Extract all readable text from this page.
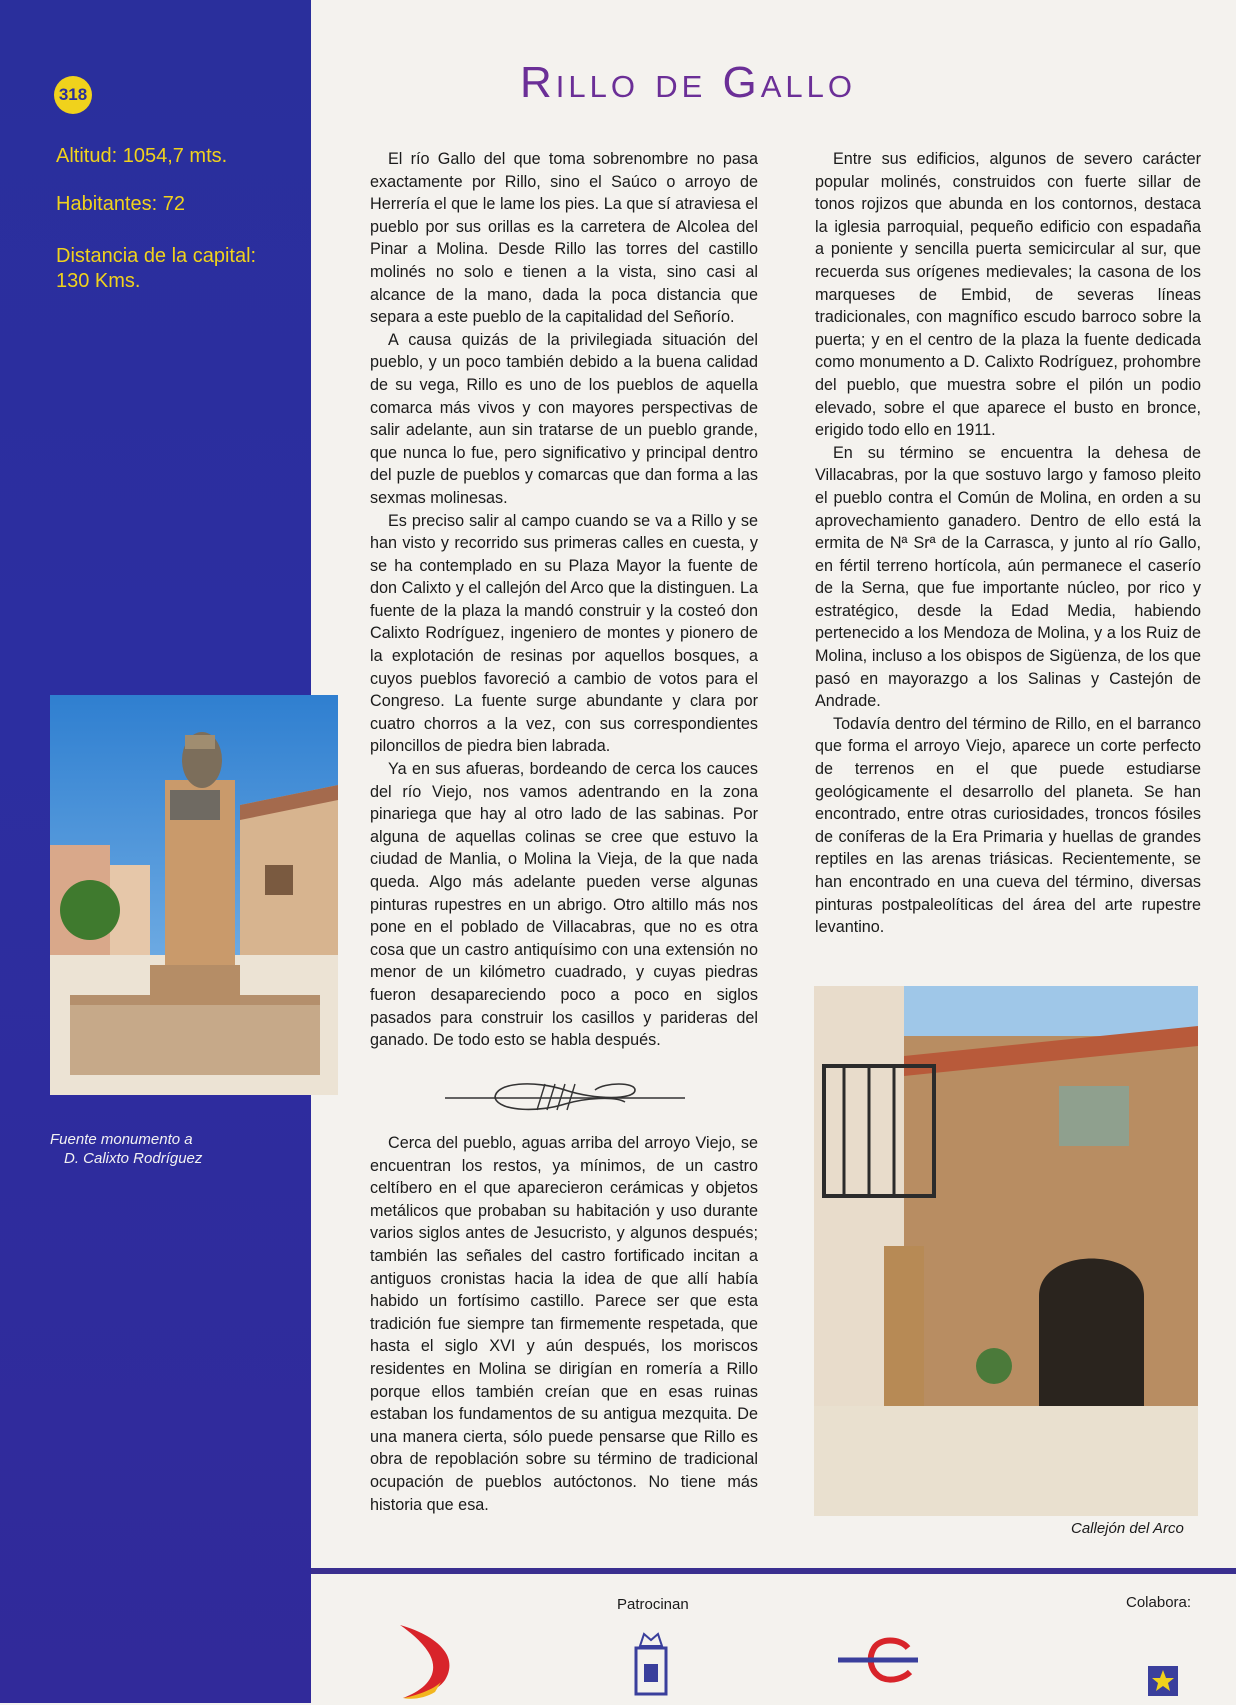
318
Altitud: 1054,7 mts.
Habitantes: 72
Distancia de la capital:
130 Kms.
Fuente monumento a
D. Calixto Rodríguez
Rillo de Gallo

El río Gallo del que toma sobrenombre no pasa exactamente por Rillo, sino el Saúco o arroyo de Herrería el que le lame los pies. La que sí atraviesa el pueblo por sus orillas es la carretera de Alcolea del Pinar a Molina. Desde Rillo las torres del castillo molinés no solo e tienen a la vista, sino casi al alcance de la mano, dada la poca distancia que separa a este pueblo de la capitalidad del Señorío.

A causa quizás de la privilegiada situación del pueblo, y un poco también debido a la buena calidad de su vega, Rillo es uno de los pueblos de aquella comarca más vivos y con mayores perspectivas de salir adelante, aun sin tratarse de un pueblo grande, que nunca lo fue, pero significativo y principal dentro del puzle de pueblos y comarcas que dan forma a las sexmas molinesas.

Es preciso salir al campo cuando se va a Rillo y se han visto y recorrido sus primeras calles en cuesta, y se ha contemplado en su Plaza Mayor la fuente de don Calixto y el callejón del Arco que la distinguen. La fuente de la plaza la mandó construir y la costeó don Calixto Rodríguez, ingeniero de montes y pionero de la explotación de resinas por aquellos bosques, a cuyos pueblos favoreció a cambio de votos para el Congreso. La fuente surge abundante y clara por cuatro chorros a la vez, con sus correspondientes piloncillos de piedra bien labrada.

Ya en sus afueras, bordeando de cerca los cauces del río Viejo, nos vamos adentrando en la zona pinariega que hay al otro lado de las sabinas. Por alguna de aquellas colinas se cree que estuvo la ciudad de Manlia, o Molina la Vieja, de la que nada queda. Algo más adelante pueden verse algunas pinturas rupestres en un abrigo. Otro altillo más nos pone en el poblado de Villacabras, que no es otra cosa que un castro antiquísimo con una extensión no menor de un kilómetro cuadrado, y cuyas piedras fueron desapareciendo poco a poco en siglos pasados para construir los casillos y parideras del ganado. De todo esto se habla después.

Cerca del pueblo, aguas arriba del arroyo Viejo, se encuentran los restos, ya mínimos, de un castro celtíbero en el que aparecieron cerámicas y objetos metálicos que probaban su habitación y uso durante varios siglos antes de Jesucristo, y algunos después; también las señales del castro fortificado incitan a antiguos cronistas hacia la idea de que allí había habido un fortísimo castillo. Parece ser que esta tradición fue siempre tan firmemente respetada, que hasta el siglo XVI y aún después, los moriscos residentes en Molina se dirigían en romería a Rillo porque ellos también creían que en esas ruinas estaban los fundamentos de su antigua mezquita. De una manera cierta, sólo puede pensarse que Rillo es obra de repoblación sobre su término de tradicional ocupación de pueblos autóctonos. No tiene más historia que esa.

Entre sus edificios, algunos de severo carácter popular molinés, construidos con fuerte sillar de tonos rojizos que abunda en los contornos, destaca la iglesia parroquial, pequeño edificio con espadaña a poniente y sencilla puerta semicircular al sur, que recuerda sus orígenes medievales; la casona de los marqueses de Embid, de severas líneas tradicionales, con magnífico escudo barroco sobre la puerta; y en el centro de la plaza la fuente dedicada como monumento a D. Calixto Rodríguez, prohombre del pueblo, que muestra sobre el pilón un podio elevado, sobre el que aparece el busto en bronce, erigido todo ello en 1911.

En su término se encuentra la dehesa de Villacabras, por la que sostuvo largo y famoso pleito el pueblo contra el Común de Molina, en orden a su aprovechamiento ganadero. Dentro de ello está la ermita de Nª Srª de la Carrasca, y junto al río Gallo, en fértil terreno hortícola, aún permanece el caserío de la Serna, que fue importante núcleo, por rico y estratégico, desde la Edad Media, habiendo pertenecido a los Mendoza de Molina, y a los Ruiz de Molina, incluso a los obispos de Sigüenza, de los que pasó en mayorazgo a los Salinas y Castejón de Andrade.

Todavía dentro del término de Rillo, en el barranco que forma el arroyo Viejo, aparece un corte perfecto de terrenos en el que puede estudiarse geológicamente el desarrollo del planeta. Se han encontrado, entre otras curiosidades, troncos fósiles de coníferas de la Era Primaria y huellas de grandes reptiles en las arenas triásicas. Recientemente, se han encontrado en una cueva del término, diversas pinturas postpaleolíticas del área del arte rupestre levantino.

Callejón del Arco
Patrocinan	Colabora:
